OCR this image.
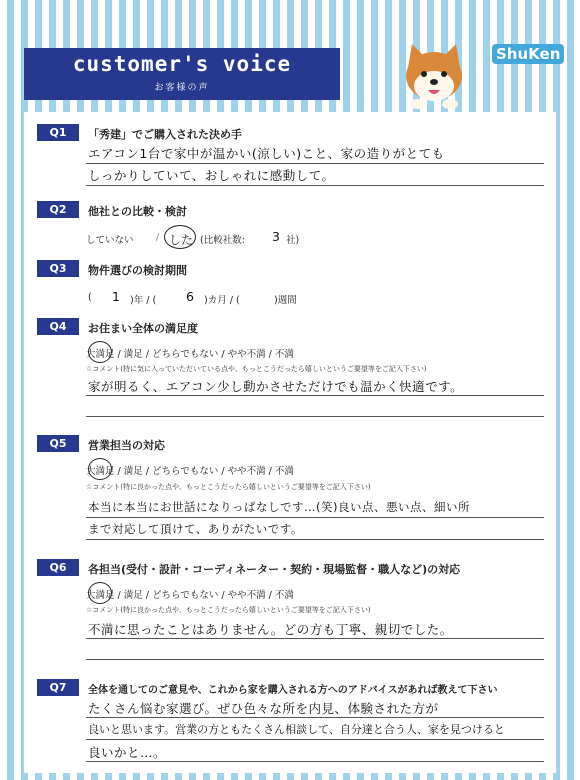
customer's voice
お客様の声
ShuKen
Q1	「秀建」でご購入された決め手
エアコン1台で家中が温かい(涼しい)こと、家の造りがとても
しっかりしていて、おしゃれに感動して。
Q2	他社との比較・検討
していない / した (比較社数: 3 社)
Q3	物件選びの検討期間
( 1 )年 / ( 6 )カ月 / (	)週間
Q4	お住まい全体の満足度
大満足 / 満足 / どちらでもない / やや不満 / 不満
☆コメント(特に気に入っていただいている点や、もっとこうだったら嬉しいというご要望等をご記入下さい)
家が明るく、エアコン少し動かさせただけでも温かく快適です。
Q5	営業担当の対応
大満足 / 満足 / どちらでもない / やや不満 / 不満
☆コメント(特に良かった点や、もっとこうだったら嬉しいというご要望等をご記入下さい)
本当に本当にお世話になりっぱなしです…(笑)良い点、悪い点、細い所
まで対応して頂けて、ありがたいです。
Q6	各担当(受付・設計・コーディネーター・契約・現場監督・職人など)の対応
大満足 / 満足 / どちらでもない / やや不満 / 不満
☆コメント(特に良かった点や、もっとこうだったら嬉しいというご要望等をご記入下さい)
不満に思ったことはありません。どの方も丁寧、親切でした。
Q7	全体を通してのご意見や、これから家を購入される方へのアドバイスがあれば教えて下さい
たくさん悩む家選び。ぜひ色々な所を内見、体験された方が
良いと思います。営業の方ともたくさん相談して、自分達と合う人、家を見つけると
良いかと…。
